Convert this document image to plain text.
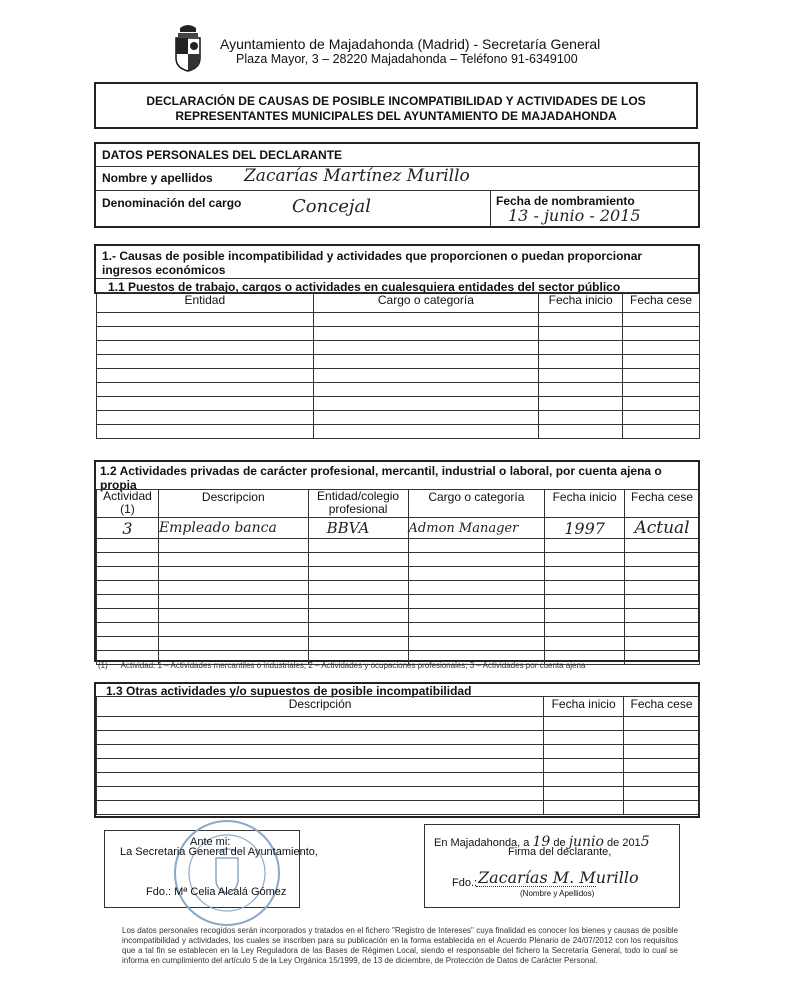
Ayuntamiento de Majadahonda (Madrid) - Secretaría General
Plaza Mayor, 3 – 28220 Majadahonda – Teléfono 91-6349100
DECLARACIÓN DE CAUSAS DE POSIBLE INCOMPATIBILIDAD Y ACTIVIDADES DE LOS
REPRESENTANTES MUNICIPALES DEL AYUNTAMIENTO DE MAJADAHONDA
DATOS PERSONALES DEL DECLARANTE
Nombre y apellidos Zacarías Martínez Murillo
Denominación del cargo	Concejal	Fecha de nombramiento
13 - junio - 2015
1.- Causas de posible incompatibilidad y actividades que proporcionen o puedan proporcionar ingresos económicos
1.1 Puestos de trabajo, cargos o actividades en cualesquiera entidades del sector público
Entidad	Cargo o categoría	Fecha inicio	Fecha cese

1.2 Actividades privadas de carácter profesional, mercantil, industrial o laboral, por cuenta ajena o propia
Actividad (1)	Descripcion	Entidad/colegio profesional	Cargo o categoría	Fecha inicio	Fecha cese
3	Empleado banca	BBVA	Admon Manager	1997	Actual

(1)      Actividad: 1 – Actividades mercantiles o industriales; 2 – Actividades y ocupaciones profesionales; 3 – Actividades por cuenta ajena
1.3 Otras actividades y/o supuestos de posible incompatibilidad
Descripción	Fecha inicio	Fecha cese

Ante mi:
La Secretaria General del Ayuntamiento,
Fdo.: Mª Celia Alcalá Gómez
En Majadahonda, a 19 de junio de 2015
Firma del declarante,
Fdo.: Zacarías M. Murillo
(Nombre y Apellidos)
Los datos personales recogidos serán incorporados y tratados en el fichero "Registro de Intereses" cuya finalidad es conocer los bienes y causas de posible incompatibilidad y actividades, los cuales se inscriben para su publicación en la forma establecida en el Acuerdo Plenario de 24/07/2012 con los requisitos que a tal fin se establecen en la Ley Reguladora de las Bases de Régimen Local, siendo el responsable del fichero la Secretaría General, todo lo cual se informa en cumplimiento del artículo 5 de la Ley Orgánica 15/1999, de 13 de diciembre, de Protección de Datos de Carácter Personal.
